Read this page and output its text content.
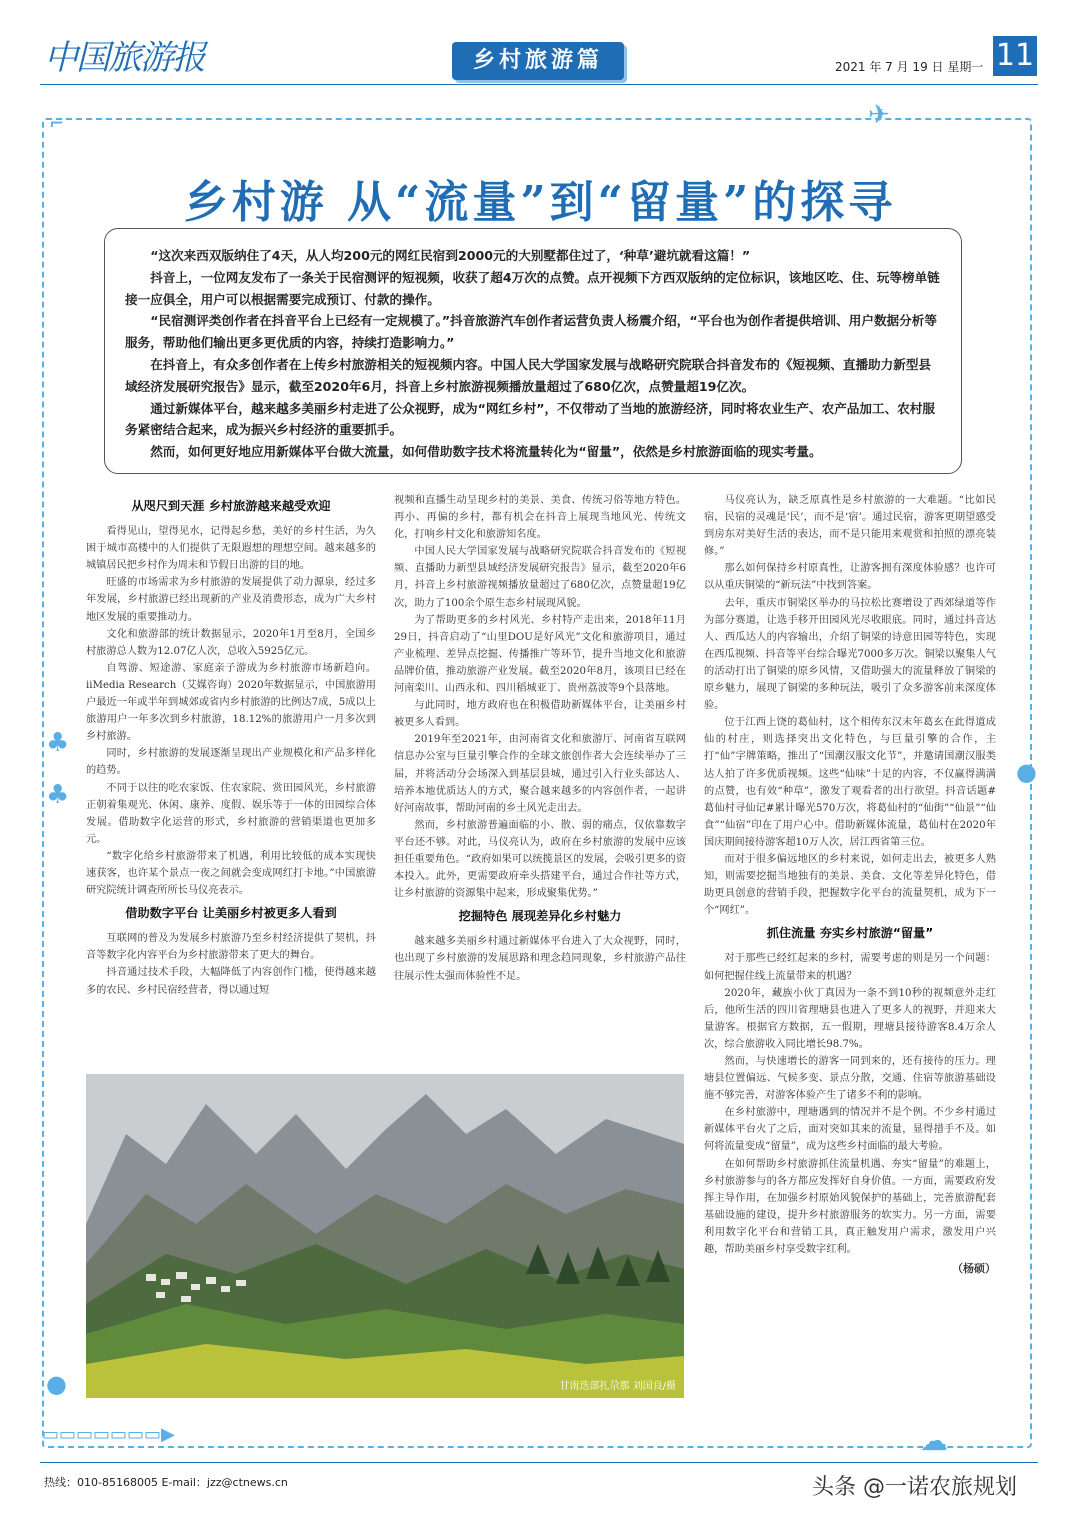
中国旅游报	乡村旅游篇	2021 年 7 月 19 日 星期一 11
⌐	✈
♣
♣
●
●
▭▭▭▭▭▭▭▶	☁
乡村游 从“流量”到“留量”的探寻

“这次来西双版纳住了4天，从人均200元的网红民宿到2000元的大别墅都住过了，‘种草’避坑就看这篇！”

抖音上，一位网友发布了一条关于民宿测评的短视频，收获了超4万次的点赞。点开视频下方西双版纳的定位标识，该地区吃、住、玩等榜单链接一应俱全，用户可以根据需要完成预订、付款的操作。

“民宿测评类创作者在抖音平台上已经有一定规模了。”抖音旅游汽车创作者运营负责人杨震介绍，“平台也为创作者提供培训、用户数据分析等服务，帮助他们输出更多更优质的内容，持续打造影响力。”

在抖音上，有众多创作者在上传乡村旅游相关的短视频内容。中国人民大学国家发展与战略研究院联合抖音发布的《短视频、直播助力新型县域经济发展研究报告》显示，截至2020年6月，抖音上乡村旅游视频播放量超过了680亿次，点赞量超19亿次。

通过新媒体平台，越来越多美丽乡村走进了公众视野，成为“网红乡村”，不仅带动了当地的旅游经济，同时将农业生产、农产品加工、农村服务紧密结合起来，成为振兴乡村经济的重要抓手。

然而，如何更好地应用新媒体平台做大流量，如何借助数字技术将流量转化为“留量”，依然是乡村旅游面临的现实考量。

从咫尺到天涯 乡村旅游越来越受欢迎

看得见山，望得见水，记得起乡愁，美好的乡村生活，为久困于城市高楼中的人们提供了无限遐想的理想空间。越来越多的城镇居民把乡村作为周末和节假日出游的目的地。

旺盛的市场需求为乡村旅游的发展提供了动力源泉，经过多年发展，乡村旅游已经出现新的产业及消费形态，成为广大乡村地区发展的重要推动力。

文化和旅游部的统计数据显示，2020年1月至8月，全国乡村旅游总人数为12.07亿人次，总收入5925亿元。

自驾游、短途游、家庭亲子游成为乡村旅游市场新趋向。iiMedia Research（艾媒咨询）2020年数据显示，中国旅游用户最近一年或半年到城郊或省内乡村旅游的比例达7成，5成以上旅游用户一年多次到乡村旅游，18.12%的旅游用户一月多次到乡村旅游。

同时，乡村旅游的发展逐渐呈现出产业规模化和产品多样化的趋势。

不同于以往的吃农家饭、住农家院、赏田园风光，乡村旅游正朝着集观光、休闲、康养、度假、娱乐等于一体的田园综合体发展。借助数字化运营的形式，乡村旅游的营销渠道也更加多元。

“数字化给乡村旅游带来了机遇，利用比较低的成本实现快速获客，也许某个景点一夜之间就会变成网红打卡地。”中国旅游研究院统计调查所所长马仪亮表示。

借助数字平台 让美丽乡村被更多人看到

互联网的普及为发展乡村旅游乃至乡村经济提供了契机，抖音等数字化内容平台为乡村旅游带来了更大的舞台。

抖音通过技术手段，大幅降低了内容创作门槛，使得越来越多的农民、乡村民宿经营者，得以通过短

视频和直播生动呈现乡村的美景、美食、传统习俗等地方特色。再小、再偏的乡村，都有机会在抖音上展现当地风光、传统文化，打响乡村文化和旅游知名度。

中国人民大学国家发展与战略研究院联合抖音发布的《短视频、直播助力新型县域经济发展研究报告》显示，截至2020年6月，抖音上乡村旅游视频播放量超过了680亿次，点赞量超19亿次，助力了100余个原生态乡村展现风貌。

为了帮助更多的乡村风光、乡村特产走出来，2018年11月29日，抖音启动了“山里DOU是好风光”文化和旅游项目，通过产业梳理、差异点挖掘、传播推广等环节，提升当地文化和旅游品牌价值，推动旅游产业发展。截至2020年8月，该项目已经在河南栾川、山西永和、四川稻城亚丁、贵州荔波等9个县落地。

与此同时，地方政府也在积极借助新媒体平台，让美丽乡村被更多人看到。

2019年至2021年，由河南省文化和旅游厅、河南省互联网信息办公室与巨量引擎合作的全球文旅创作者大会连续举办了三届，并将活动分会场深入到基层县城，通过引入行业头部达人、培养本地优质达人的方式，聚合越来越多的内容创作者，一起讲好河南故事，帮助河南的乡土风光走出去。

然而，乡村旅游普遍面临的小、散、弱的痛点，仅依靠数字平台还不够。对此，马仪亮认为，政府在乡村旅游的发展中应该担任重要角色。“政府如果可以统揽景区的发展，会吸引更多的资本投入。此外，更需要政府牵头搭建平台，通过合作社等方式，让乡村旅游的资源集中起来，形成聚集优势。”

挖掘特色 展现差异化乡村魅力

越来越多美丽乡村通过新媒体平台进入了大众视野，同时，也出现了乡村旅游的发展思路和理念趋同现象，乡村旅游产品往往展示性太强而体验性不足。

马仪亮认为，缺乏原真性是乡村旅游的一大难题。“比如民宿，民宿的灵魂是‘民’，而不是‘宿’。通过民宿，游客更期望感受到房东对美好生活的表达，而不是只能用来观赏和拍照的漂亮装修。”

那么如何保持乡村原真性，让游客拥有深度体验感？也许可以从重庆铜梁的“新玩法”中找到答案。

去年，重庆市铜梁区举办的马拉松比赛增设了西郊绿道等作为部分赛道，让选手移开田园风光尽收眼底。同时，通过抖音达人、西瓜达人的内容输出，介绍了铜梁的诗意田园等特色，实现在西瓜视频、抖音等平台综合曝光7000多万次。铜梁以聚集人气的活动打出了铜梁的原乡风情，又借助强大的流量释放了铜梁的原乡魅力，展现了铜梁的多种玩法，吸引了众多游客前来深度体验。

位于江西上饶的葛仙村，这个相传东汉末年葛玄在此得道成仙的村庄，则选择突出文化特色，与巨量引擎的合作，主打“仙”字牌策略，推出了“国潮汉服文化节”，并邀请国潮汉服类达人拍了许多优质视频。这些“仙味”十足的内容，不仅赢得满满的点赞，也有效“种草”，激发了观看者的出行欲望。抖音话题#葛仙村寻仙记#累计曝光570万次，将葛仙村的“仙街”“仙景”“仙食”“仙宿”印在了用户心中。借助新媒体流量，葛仙村在2020年国庆期间接待游客超10万人次，居江西省第三位。

而对于很多偏远地区的乡村来说，如何走出去，被更多人熟知，则需要挖掘当地独有的美景、美食、文化等差异化特色，借助更具创意的营销手段，把握数字化平台的流量契机，成为下一个“网红”。

抓住流量 夯实乡村旅游“留量”

对于那些已经红起来的乡村，需要考虑的则是另一个问题：如何把握住线上流量带来的机遇？

2020年，藏族小伙丁真因为一条不到10秒的视频意外走红后，他所生活的四川省理塘县也进入了更多人的视野，并迎来大量游客。根据官方数据，五一假期，理塘县接待游客8.4万余人次，综合旅游收入同比增长98.7%。

然而，与快速增长的游客一同到来的，还有接待的压力。理塘县位置偏远、气候多变、景点分散，交通、住宿等旅游基础设施不够完善，对游客体验产生了诸多不利的影响。

在乡村旅游中，理塘遇到的情况并不是个例。不少乡村通过新媒体平台火了之后，面对突如其来的流量，显得措手不及。如何将流量变成“留量”，成为这些乡村面临的最大考验。

在如何帮助乡村旅游抓住流量机遇、夯实“留量”的难题上，乡村旅游参与的各方都应发挥好自身价值。一方面，需要政府发挥主导作用，在加强乡村原始风貌保护的基础上，完善旅游配套基础设施的建设，提升乡村旅游服务的软实力。另一方面，需要利用数字化平台和营销工具，真正触发用户需求，激发用户兴趣，帮助美丽乡村享受数字红利。

（杨硕）
甘南迭部扎尕那 刘国良/摄
热线：010-85168005 E-mail：jzz@ctnews.cn	头条 @一诺农旅规划
